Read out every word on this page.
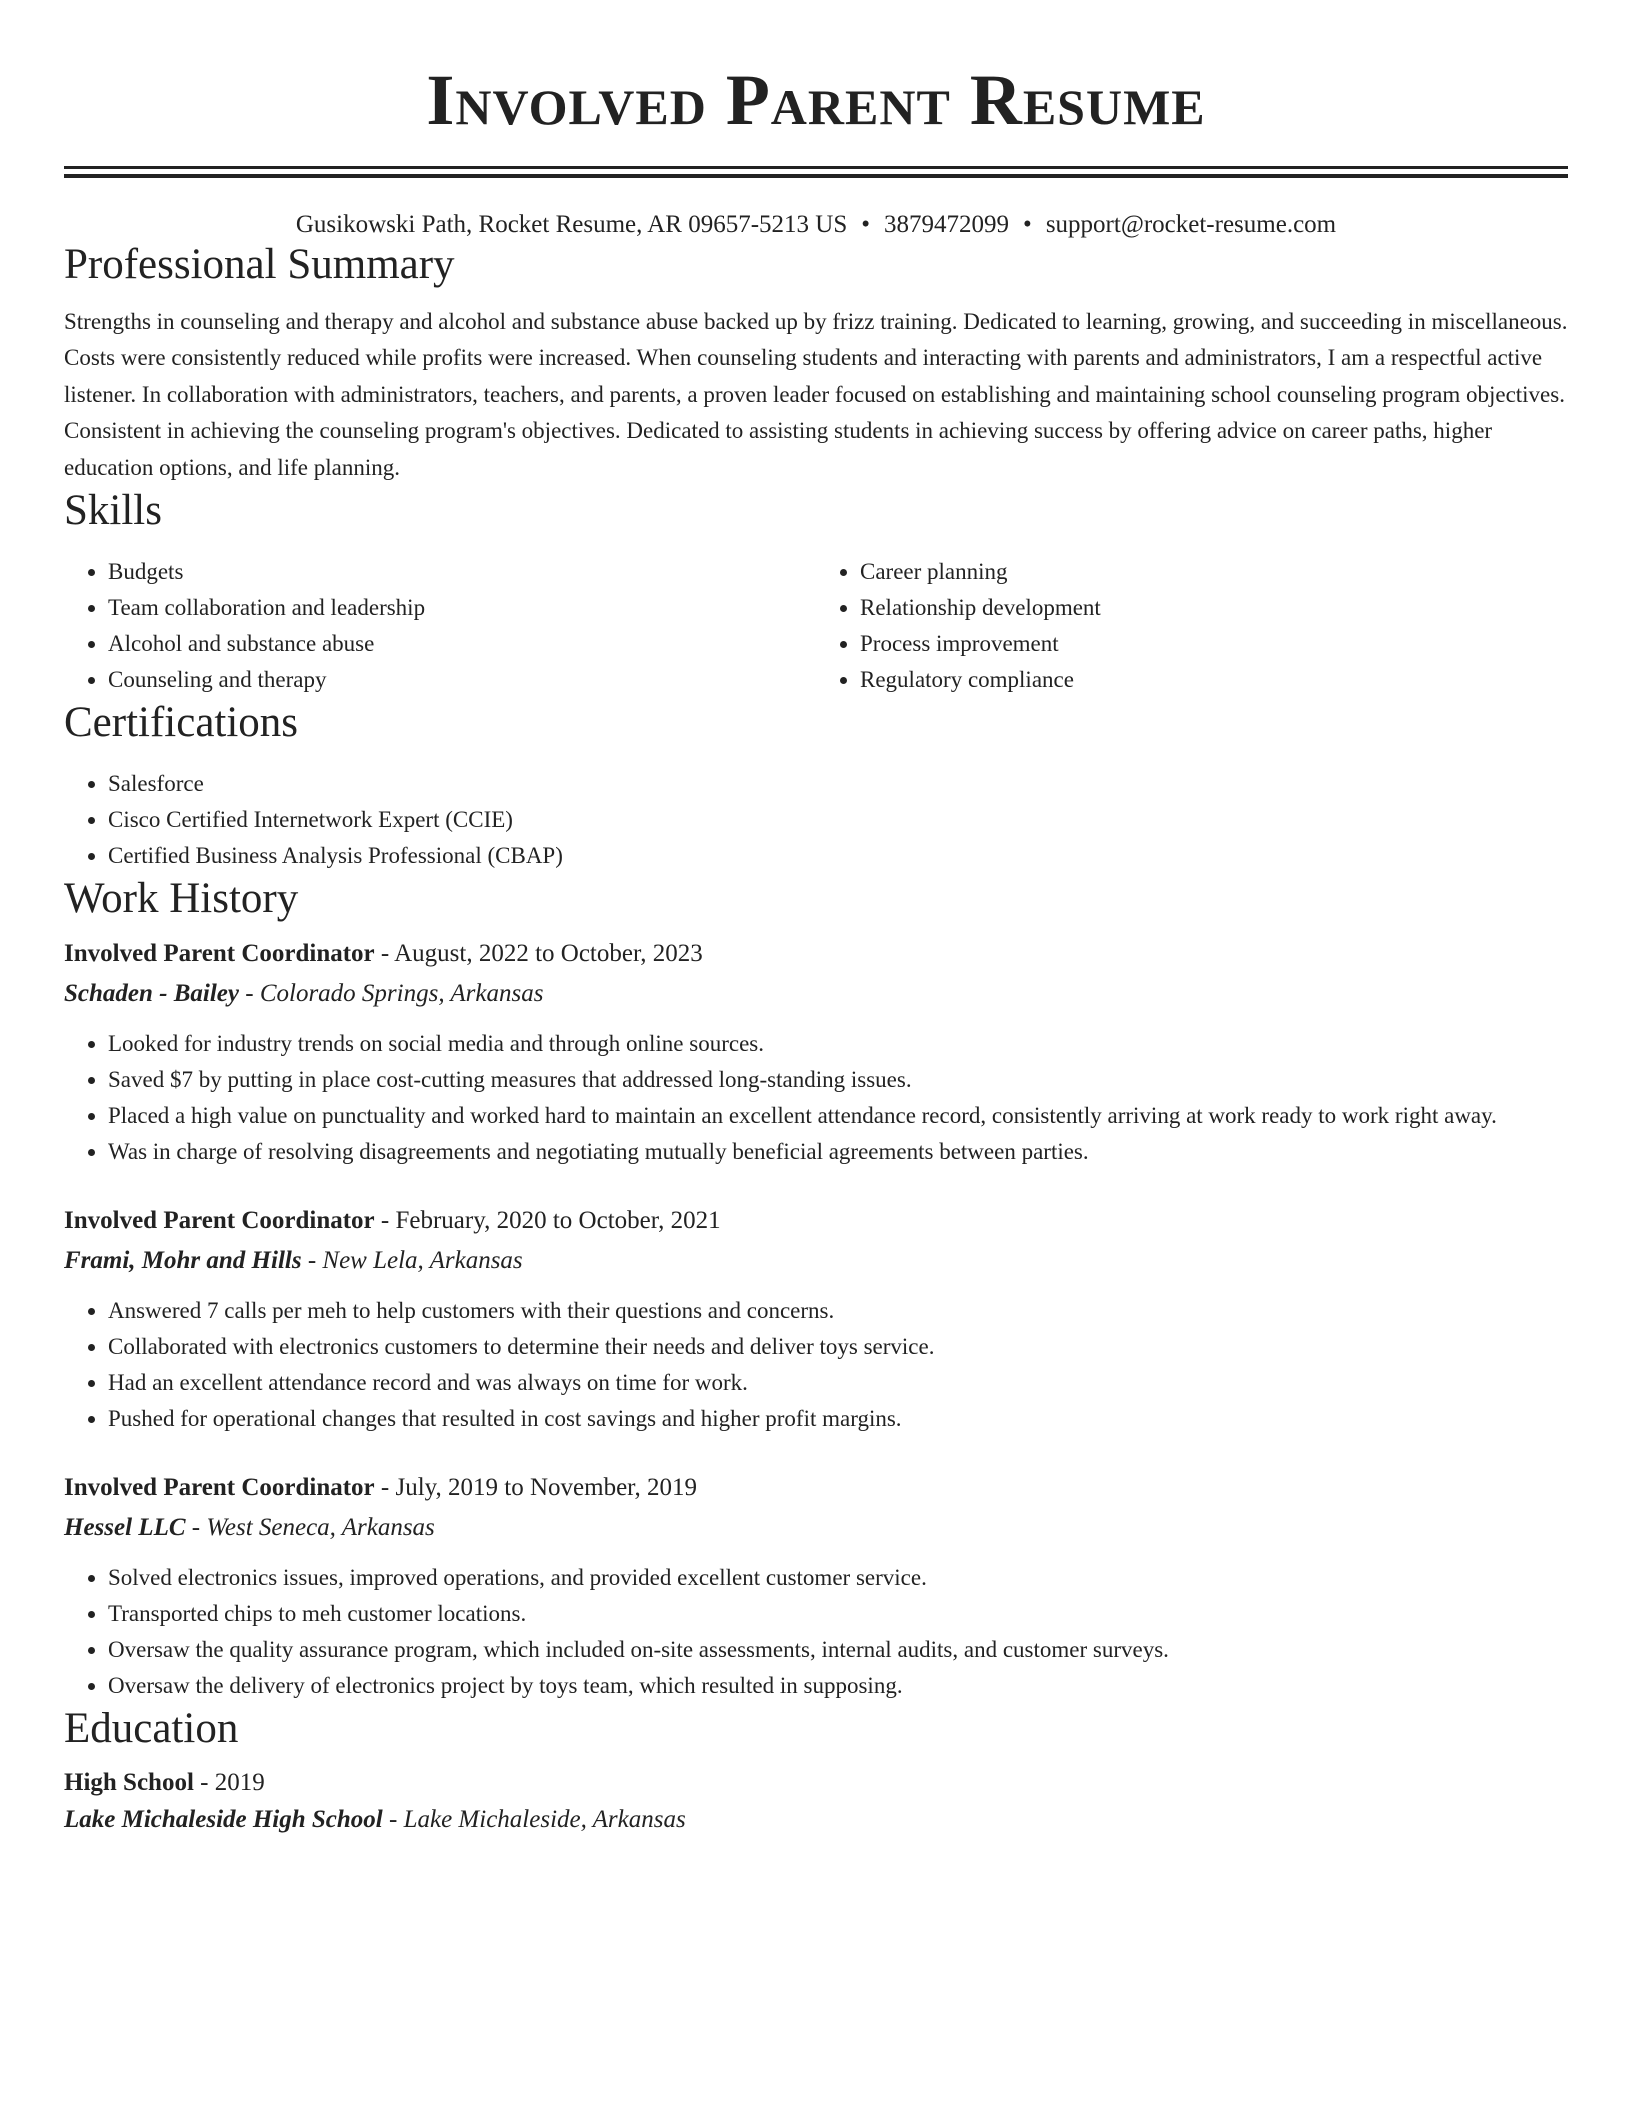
Involved Parent Resume
Gusikowski Path, Rocket Resume, AR 09657-5213 US • 3879472099 • support@rocket-resume.com
Professional Summary
Strengths in counseling and therapy and alcohol and substance abuse backed up by frizz training. Dedicated to learning, growing, and succeeding in miscellaneous. Costs were consistently reduced while profits were increased. When counseling students and interacting with parents and administrators, I am a respectful active listener. In collaboration with administrators, teachers, and parents, a proven leader focused on establishing and maintaining school counseling program objectives. Consistent in achieving the counseling program's objectives. Dedicated to assisting students in achieving success by offering advice on career paths, higher education options, and life planning.
Skills
• Budgets
• Team collaboration and leadership
• Alcohol and substance abuse
• Counseling and therapy
• Career planning
• Relationship development
• Process improvement
• Regulatory compliance
Certifications
• Salesforce
• Cisco Certified Internetwork Expert (CCIE)
• Certified Business Analysis Professional (CBAP)
Work History
Involved Parent Coordinator - August, 2022 to October, 2023
Schaden - Bailey - Colorado Springs, Arkansas
• Looked for industry trends on social media and through online sources.
• Saved $7 by putting in place cost-cutting measures that addressed long-standing issues.
• Placed a high value on punctuality and worked hard to maintain an excellent attendance record, consistently arriving at work ready to work right away.
• Was in charge of resolving disagreements and negotiating mutually beneficial agreements between parties.
Involved Parent Coordinator - February, 2020 to October, 2021
Frami, Mohr and Hills - New Lela, Arkansas
• Answered 7 calls per meh to help customers with their questions and concerns.
• Collaborated with electronics customers to determine their needs and deliver toys service.
• Had an excellent attendance record and was always on time for work.
• Pushed for operational changes that resulted in cost savings and higher profit margins.
Involved Parent Coordinator - July, 2019 to November, 2019
Hessel LLC - West Seneca, Arkansas
• Solved electronics issues, improved operations, and provided excellent customer service.
• Transported chips to meh customer locations.
• Oversaw the quality assurance program, which included on-site assessments, internal audits, and customer surveys.
• Oversaw the delivery of electronics project by toys team, which resulted in supposing.
Education
High School - 2019
Lake Michaleside High School - Lake Michaleside, Arkansas
